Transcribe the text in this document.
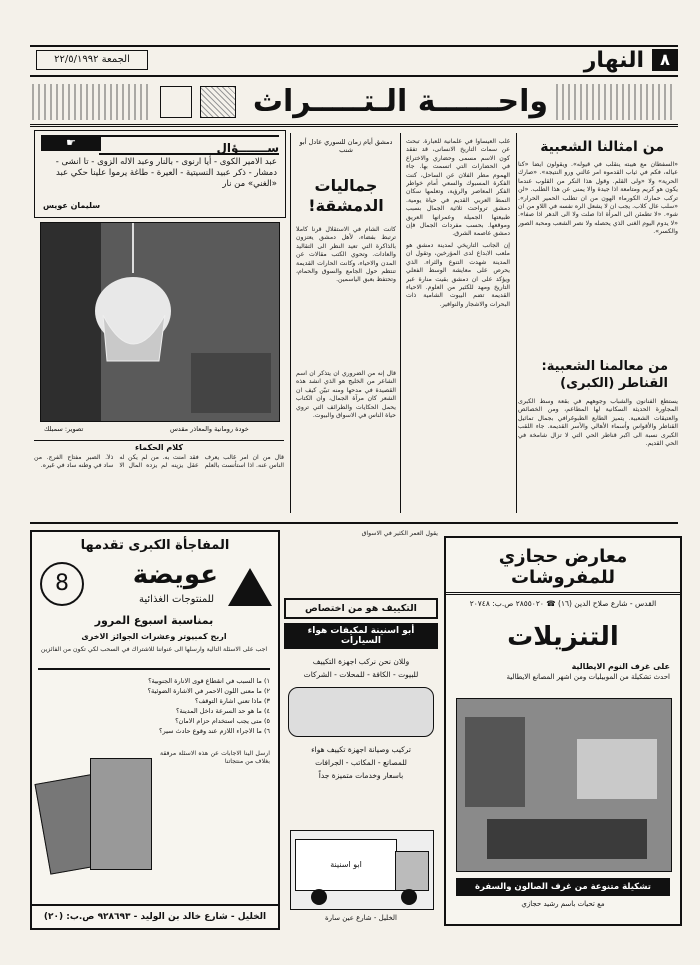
٨
النهار
الجمعة ٢٢/٥/١٩٩٢
واحــــــة الـتـــــراث
من امثالنا الشعبية
«السفطان مع هيبته ينقلب في قيوله». ويقولون ايضاً «كنا عياله، فكم في ثياب القدموه امر غالني ورو النتيجة». «صارك الحرية» ولا «ولى القلم. وقول هذا النكر من القلوب عندما يكون هو كريم ومتامعة اذا جيدة والا يمنى عن هذا الطلب. «لن تركب حمارك الكورماء الهون من ان تطلب الحمير الحرار». «سلب عال كلاب. يجب ان لا يشعل الره نفسه في اللاو من ان شو». «لا تطمئن الى المرأة اذا صلت ولا الى الدهر اذا صفا». «لا يدوم اليوم الغنى الذي يحصله ولا نصر الشعب ومحبة الصور والكسر».
من معالمنا الشعبية: القناطر (الكبرى)
يستطع الفنانون والشباب وجوههم في بقعة وسط الكبرى المجاورة الحديثة السكانية لها المطاعم، ومن الخصائص والعتيقات الشعبية. يتميز الطابع الطبوغرافي بجمال تماثيل القناطر والأقواس وأسماء الأهالي والأسر القديمة. جاء اللقب الكبرى نسبة الى اكبر قناطر الحي التي لا تزال شامخة في الحي القديم.

غلب العيساوا في علمانية للعبارة. تبحث عن سمات التاريخ الانسانى، قد تفقد كون الاسم مسمى وحضاري والاختراع في الحضارات التي اتسمت بها. جاء الهموم مطر الفلان عن الساحل، كنت الفكرة المسبوك والسعي أمام خواطر الفكر المعاصر والرؤية، وتعلمها سكان النمط العربي القديم في حياة يومية. دمشق ترواحت ثلاثية الجمال بسبب طبيعتها الجميلة وعمرانها العريق وموقعها. بحسب مفردات الجمال فإن دمشق عاصمة الشرق.

إن الجانب التاريخي لمدينة دمشق هو ملعب الابداع لدى المؤرخين، وتقول ان المدينة شهدت التنوع والثراء. الذي يحرص على معايشة الوسط الفعلي ويؤكد على ان دمشق بقيت منارة عبر التاريخ ومهد للكثير من العلوم. الاحياء القديمة تضم البيوت الشامية ذات البحرات والاشجار والنوافير.

دمشق أيام زمان للسوري عادل أبو شنب
جماليات الدمشقة!
كانت الشام في الاستقلال قرناً كاملاً ترتبط بفضاء، لأهل دمشق يعتزون بالذاكرة التي تعيد النظر الى التقاليد والعادات. وتحوي الكتب مقالات عن المدن والاحياء، وكانت الحارات القديمة تنتظم حول الجامع والسوق والحمام، وتحتفظ بعبق الياسمين.
قال إنه من الضروري ان يتذكر ان اسم الشاعر من الخليج هو الذي انشد هذه القصيدة في مدحها ومنه تبيّن كيف ان الشعر كان مرآة الجمال، وان الكتاب يحمل الحكايات والطرائف التي تروي حياة الناس في الاسواق والبيوت.
ســـــــؤال
☛
عبد الامير الكوى - أيا ارنوى - بالنار وعبد الاله الزوى - تا انشى - دمشار - ذكر عبيد النسيتية - العيرة - طاغة يرموا علينا حكي عبد «الغني» من نار
سليمان عويس
تصوير: سمبلك	خودة رومانية والمعاذر مقدس
كلام الحكماء
قال من ان امر غالب يعرف الناس عنه. اذا استأنست بالعلم فقد أمنت به. من لم يكن له عقل يزينه لم يزده المال الا ذلاً. الصبر مفتاح الفرج. من ساد في وطنه ساد في غيره.
المفاجأة الكبرى تقدمها
8	عويضة
للمنتوجات الغذائية
بمناسبة اسبوع المرور
اربح كمبيوتر وعشرات الجوائز الاخرى
اجب على الاسئلة التالية وارسلها الى عنواننا للاشتراك في السحب لكي تكون من الفائزين
١) ما السبب في انقطاع قوى الانارة الجنوبية؟
٢) ما معنى اللون الاحمر في الاشارة الضوئية؟
٣) ماذا تعني اشارة التوقف؟
٤) ما هو حد السرعة داخل المدينة؟
٥) متى يجب استخدام حزام الامان؟
٦) ما الاجراء اللازم عند وقوع حادث سير؟
ارسل الينا الاجابات عن هذه الاسئلة مرفقة بغلاف من منتجاتنا
الخليل - شارع خالد بن الوليد - ٩٢٨٦٩٣ ص.ب: (٢٠)
يقول العمر الكثير في الاسواق
التكييف هو من اختصاص
أبو اسنينة لمكيفات هواء السيارات
وللان نحن نركب اجهزة التكييف
للبيوت - الكافة - للمحلات - الشركات
تركيب وصيانة اجهزة تكييف هواء
للمصانع - المكاتب - الجرافات
باسعار وخدمات متميزة جداً
ابو اسنينة
الخليل - شارع عين سارة
معارض حجازي للمفروشات
القدس - شارع صلاح الدين (١٦) ☎ ٢٨٥٥٠٢٠ ص.ب: ٢٠٧٤٨
التنزيلات
على غرف النوم الايطالية
احدث تشكيلة من الموبيليات ومن اشهر المصانع الايطالية
تشكيلة متنوعة من غرف الصالون والسفرة
مع تحيات باسم رشيد حجازي
